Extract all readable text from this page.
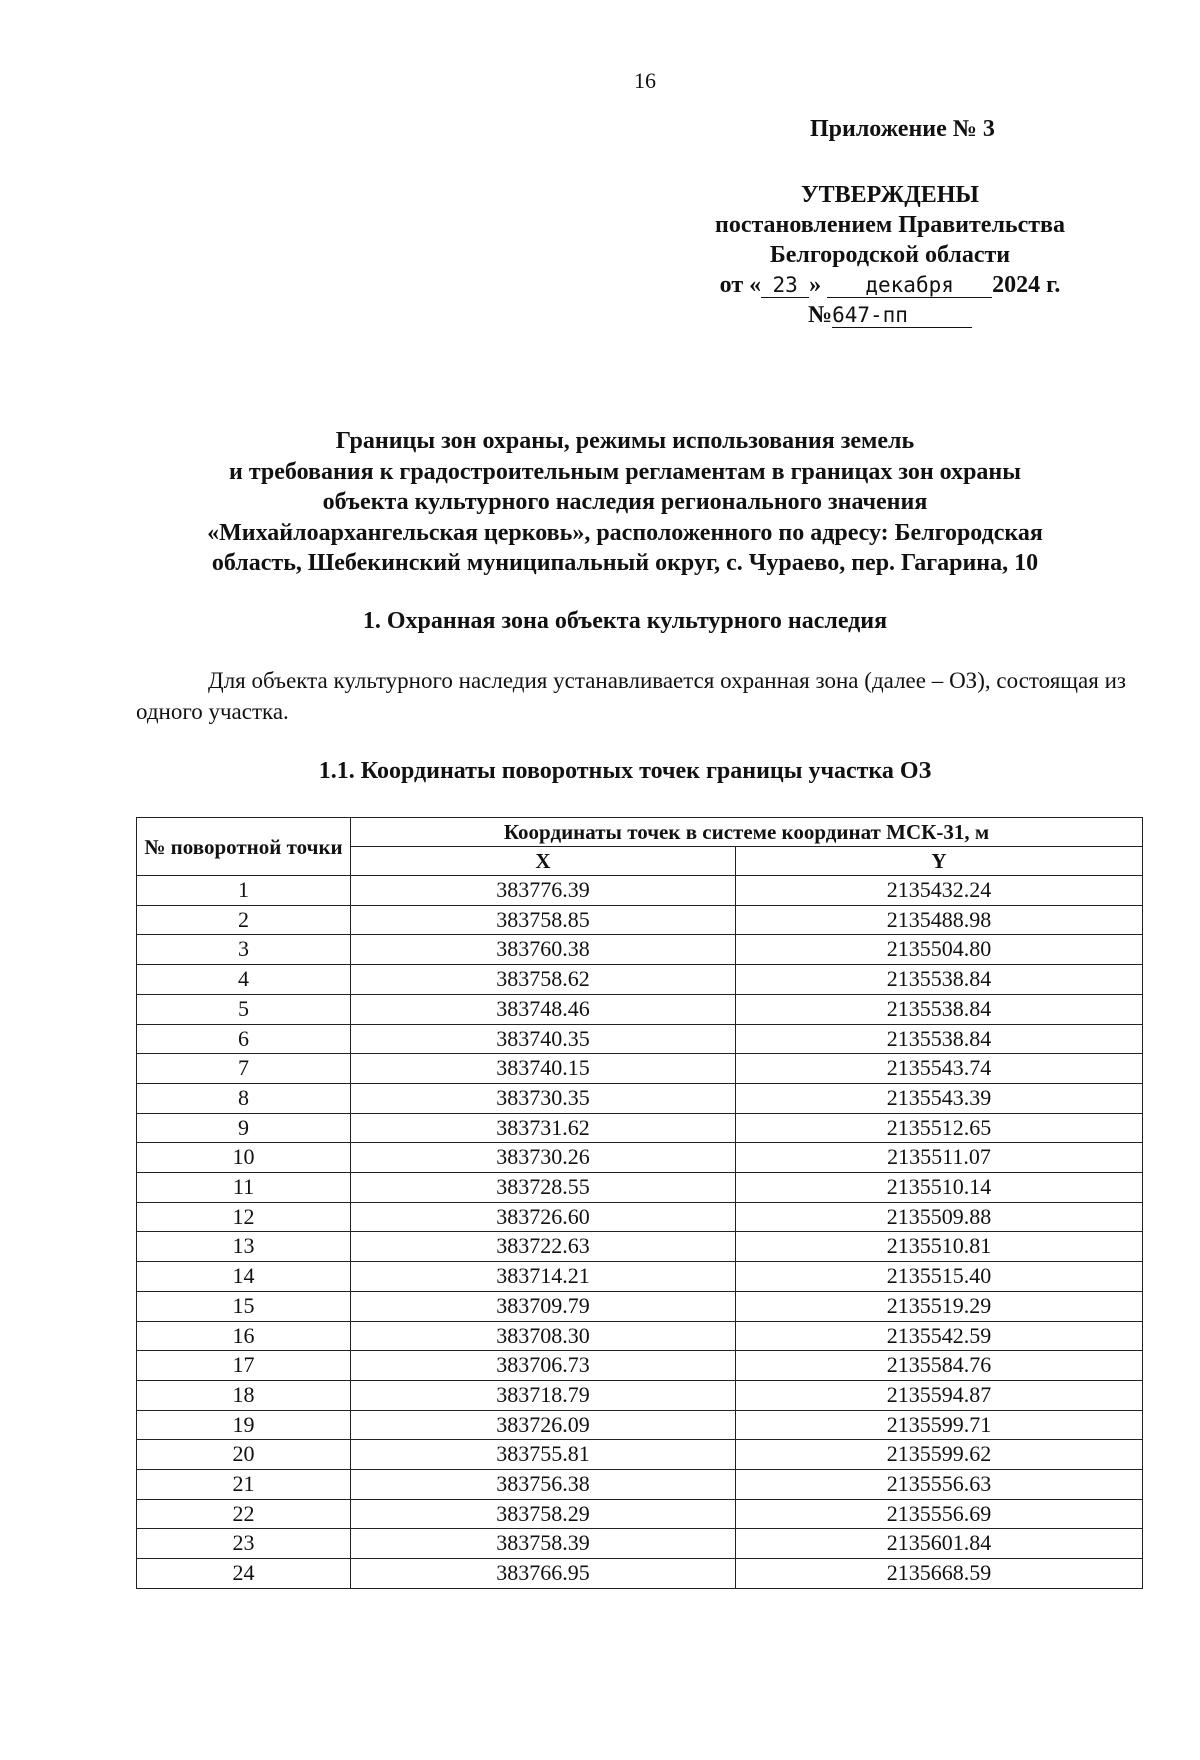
16
Приложение № 3
УТВЕРЖДЕНЫ
постановлением Правительства
Белгородской области
от « 23 » декабря 2024 г.
№647-пп
Границы зон охраны, режимы использования земель
и требования к градостроительным регламентам в границах зон охраны
объекта культурного наследия регионального значения
«Михайлоархангельская церковь», расположенного по адресу: Белгородская
область, Шебекинский муниципальный округ, с. Чураево, пер. Гагарина, 10
1. Охранная зона объекта культурного наследия
Для объекта культурного наследия устанавливается охранная зона (далее – ОЗ), состоящая из одного участка.
1.1. Координаты поворотных точек границы участка ОЗ
№ поворотной точки	Координаты точек в системе координат МСК-31, м	
	X	Y
1	383776.39	2135432.24
2	383758.85	2135488.98
3	383760.38	2135504.80
4	383758.62	2135538.84
5	383748.46	2135538.84
6	383740.35	2135538.84
7	383740.15	2135543.74
8	383730.35	2135543.39
9	383731.62	2135512.65
10	383730.26	2135511.07
11	383728.55	2135510.14
12	383726.60	2135509.88
13	383722.63	2135510.81
14	383714.21	2135515.40
15	383709.79	2135519.29
16	383708.30	2135542.59
17	383706.73	2135584.76
18	383718.79	2135594.87
19	383726.09	2135599.71
20	383755.81	2135599.62
21	383756.38	2135556.63
22	383758.29	2135556.69
23	383758.39	2135601.84
24	383766.95	2135668.59
